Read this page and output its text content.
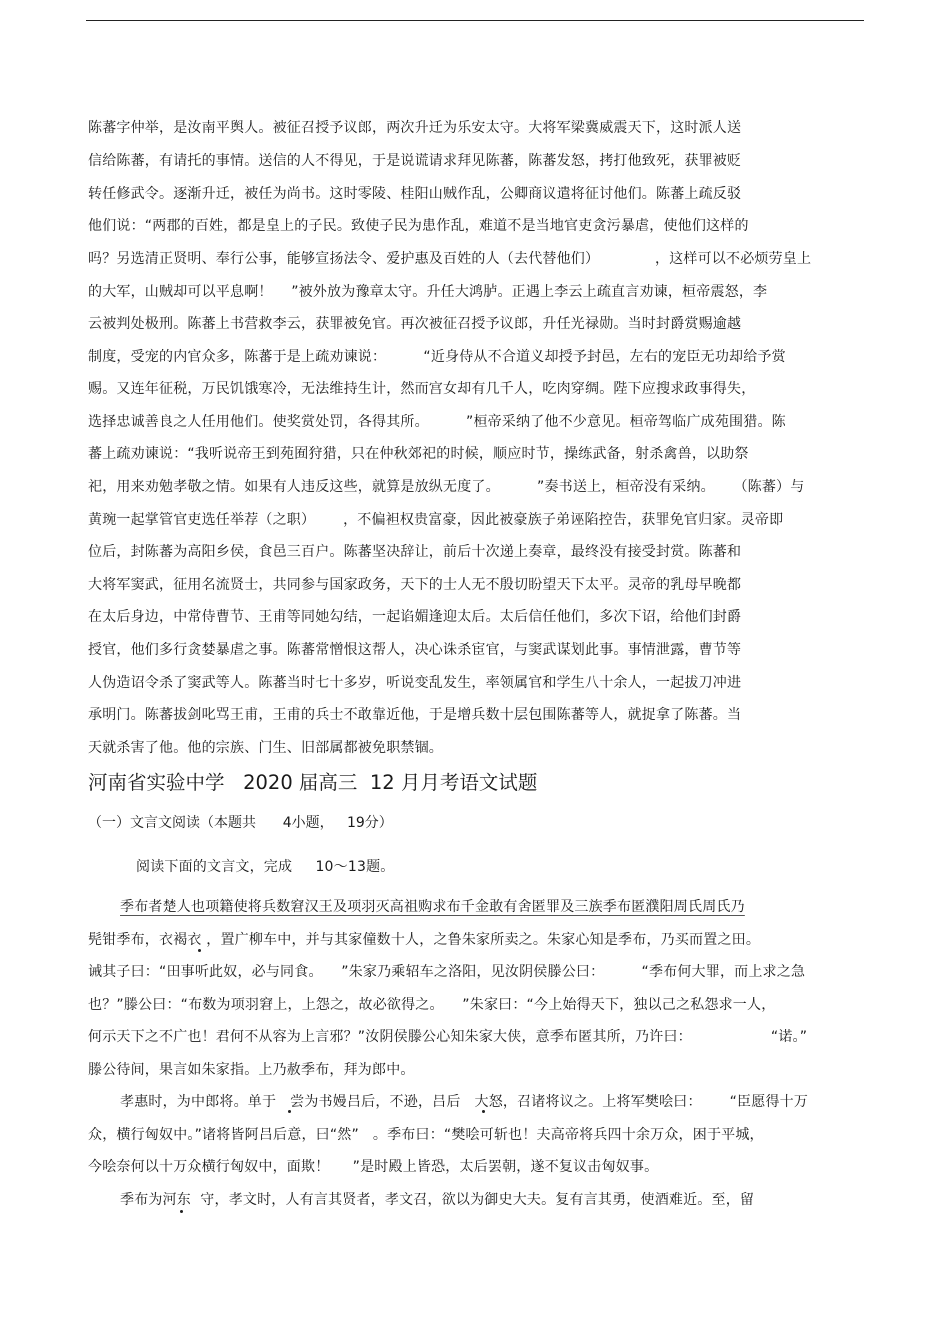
陈蕃字仲举，是汝南平舆人。被征召授予议郎，两次升迁为乐安太守。大将军梁冀威震天下，这时派人送
信给陈蕃，有请托的事情。送信的人不得见，于是说谎请求拜见陈蕃，陈蕃发怒，拷打他致死，获罪被贬
转任修武令。逐渐升迁，被任为尚书。这时零陵、桂阳山贼作乱，公卿商议遣将征讨他们。陈蕃上疏反驳
他们说：“两郡的百姓，都是皇上的子民。致使子民为患作乱，难道不是当地官吏贪污暴虐，使他们这样的
吗？另选清正贤明、奉行公事，能够宣扬法令、爱护惠及百姓的人（去代替他们）            ，这样可以不必烦劳皇上
的大军，山贼却可以平息啊！    ”被外放为豫章太守。升任大鸿胪。正遇上李云上疏直言劝谏，桓帝震怒，李
云被判处极刑。陈蕃上书营救李云，获罪被免官。再次被征召授予议郎，升任光禄勋。当时封爵赏赐逾越
制度，受宠的内官众多，陈蕃于是上疏劝谏说：        “近身侍从不合道义却授予封邑，左右的宠臣无功却给予赏
赐。又连年征税，万民饥饿寒冷，无法维持生计，然而宫女却有几千人，吃肉穿绸。陛下应搜求政事得失，
选择忠诚善良之人任用他们。使奖赏处罚，各得其所。        ”桓帝采纳了他不少意见。桓帝驾临广成苑围猎。陈
蕃上疏劝谏说：“我听说帝王到苑囿狩猎，只在仲秋郊祀的时候，顺应时节，操练武备，射杀禽兽，以助祭
祀，用来劝勉孝敬之情。如果有人违反这些，就算是放纵无度了。        ”奏书送上，桓帝没有采纳。    （陈蕃）与
黄琬一起掌管官吏选任举荐（之职）      ，不偏袒权贵富豪，因此被豪族子弟诬陷控告，获罪免官归家。灵帝即
位后，封陈蕃为高阳乡侯，食邑三百户。陈蕃坚决辞让，前后十次递上奏章，最终没有接受封赏。陈蕃和
大将军窦武，征用名流贤士，共同参与国家政务，天下的士人无不殷切盼望天下太平。灵帝的乳母早晚都
在太后身边，中常侍曹节、王甫等同她勾结，一起谄媚逢迎太后。太后信任他们，多次下诏，给他们封爵
授官，他们多行贪婪暴虐之事。陈蕃常憎恨这帮人，决心诛杀宦官，与窦武谋划此事。事情泄露，曹节等
人伪造诏令杀了窦武等人。陈蕃当时七十多岁，听说变乱发生，率领属官和学生八十余人，一起拔刀冲进
承明门。陈蕃拔剑叱骂王甫，王甫的兵士不敢靠近他，于是增兵数十层包围陈蕃等人，就捉拿了陈蕃。当
天就杀害了他。他的宗族、门生、旧部属都被免职禁锢。
河南省实验中学   2020 届高三  12 月月考语文试题
（一）文言文阅读（本题共      4小题，   19分）
阅读下面的文言文，完成     10～13题。
季布者楚人也项籍使将兵数窘汉王及项羽灭高祖购求布千金敢有舍匿罪及三族季布匿濮阳周氏周氏乃
髡钳季布，衣褐衣 ，置广柳车中，并与其家僮数十人，之鲁朱家所卖之。朱家心知是季布，乃买而置之田。
诫其子曰：“田事听此奴，必与同食。    ”朱家乃乘轺车之洛阳，见汝阴侯滕公曰：        “季布何大罪，而上求之急
也？”滕公曰：“布数为项羽窘上，上怨之，故必欲得之。    ”朱家曰：“今上始得天下，独以己之私怨求一人，
何示天下之不广也！君何不从容为上言邪？”汝阴侯滕公心知朱家大侠，意季布匿其所，乃许曰：                 “诺。”
滕公待间，果言如朱家指。上乃赦季布，拜为郎中。
孝惠时，为中郎将。单于   尝为书嫚吕后，不逊，吕后   大怒，召诸将议之。上将军樊哙曰：      “臣愿得十万
众，横行匈奴中。”诸将皆阿吕后意，曰“然”   。季布曰：“樊哙可斩也！夫高帝将兵四十余万众，困于平城，
今哙奈何以十万众横行匈奴中，面欺！     ”是时殿上皆恐，太后罢朝，遂不复议击匈奴事。
季布为河东  守，孝文时，人有言其贤者，孝文召，欲以为御史大夫。复有言其勇，使酒难近。至，留
